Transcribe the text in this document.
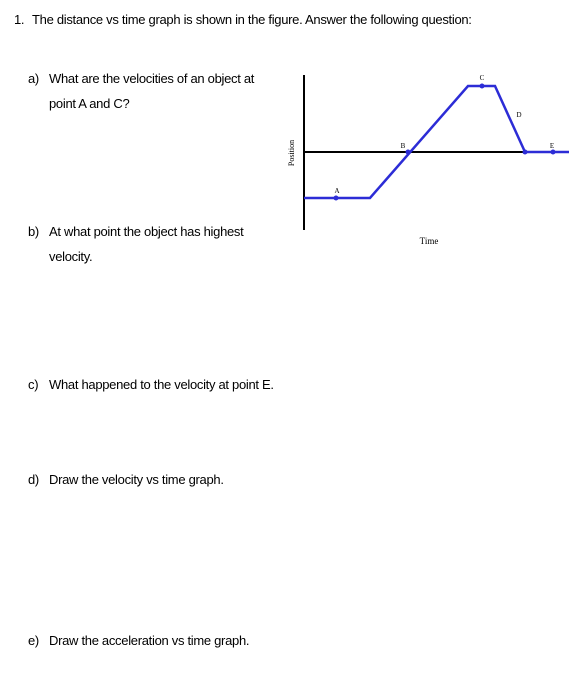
1. The distance vs time graph is shown in the figure. Answer the following question:
a) What are the velocities of an object at
point A and C?
b) At what point the object has highest
velocity.
c) What happened to the velocity at point E.
d) Draw the velocity vs time graph.
e) Draw the acceleration vs time graph.
Position
Time
A
B
C
D
E
